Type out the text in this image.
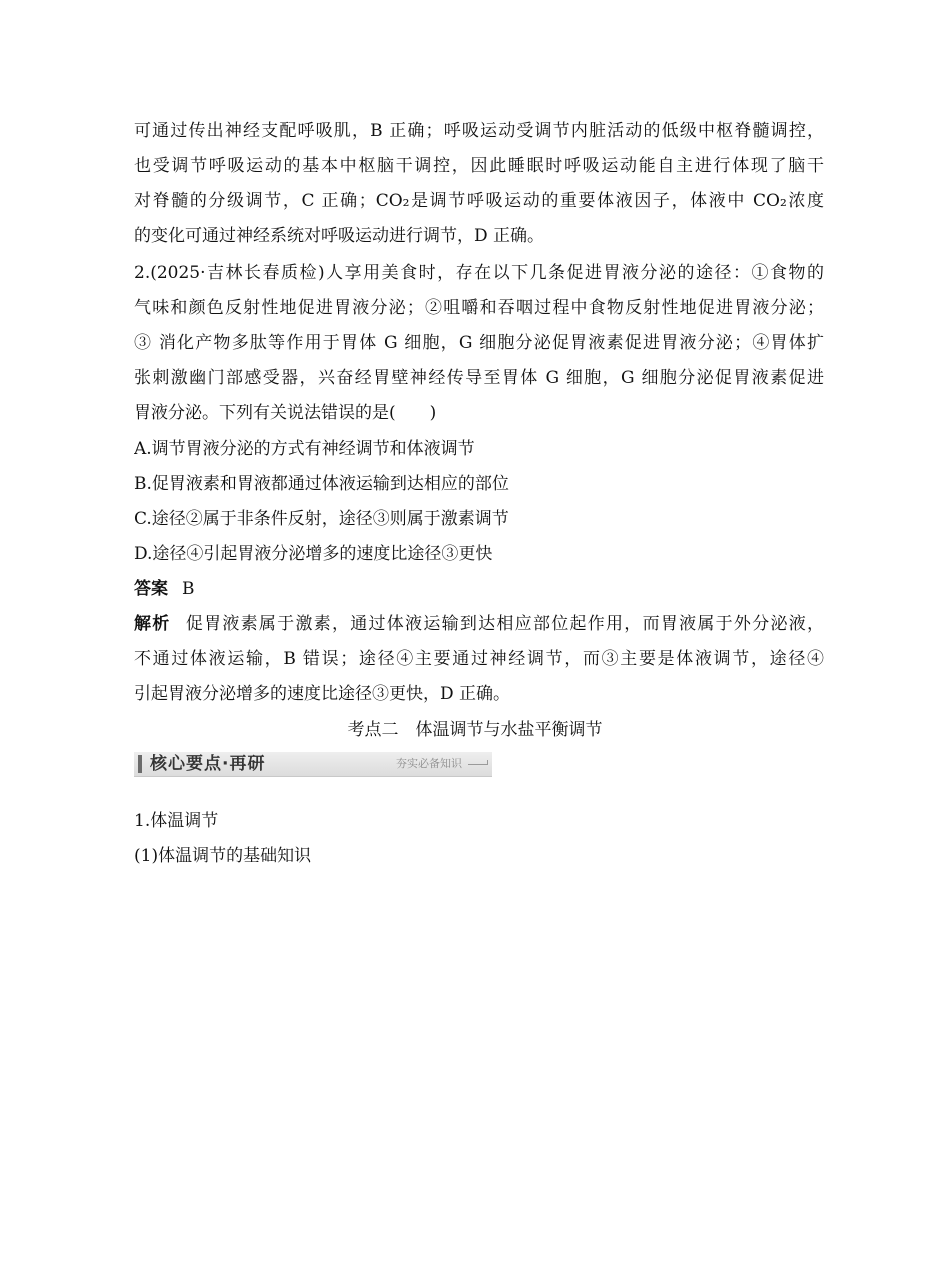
可通过传出神经支配呼吸肌，B 正确；呼吸运动受调节内脏活动的低级中枢脊髓调控，
也受调节呼吸运动的基本中枢脑干调控，因此睡眠时呼吸运动能自主进行体现了脑干
对脊髓的分级调节，C 正确；CO₂是调节呼吸运动的重要体液因子，体液中 CO₂浓度
的变化可通过神经系统对呼吸运动进行调节，D 正确。
2.(2025·吉林长春质检)人享用美食时，存在以下几条促进胃液分泌的途径：①食物的
气味和颜色反射性地促进胃液分泌；②咀嚼和吞咽过程中食物反射性地促进胃液分泌；
③ 消化产物多肽等作用于胃体 G 细胞，G 细胞分泌促胃液素促进胃液分泌；④胃体扩
张刺激幽门部感受器，兴奋经胃壁神经传导至胃体 G 细胞，G 细胞分泌促胃液素促进
胃液分泌。下列有关说法错误的是(　　)
A.调节胃液分泌的方式有神经调节和体液调节
B.促胃液素和胃液都通过体液运输到达相应的部位
C.途径②属于非条件反射，途径③则属于激素调节
D.途径④引起胃液分泌增多的速度比途径③更快
答案 B
解析 促胃液素属于激素，通过体液运输到达相应部位起作用，而胃液属于外分泌液，
不通过体液运输，B 错误；途径④主要通过神经调节，而③主要是体液调节，途径④
引起胃液分泌增多的速度比途径③更快，D 正确。
考点二　体温调节与水盐平衡调节
核心要点·再研	夯实必备知识
1.体温调节
(1)体温调节的基础知识
